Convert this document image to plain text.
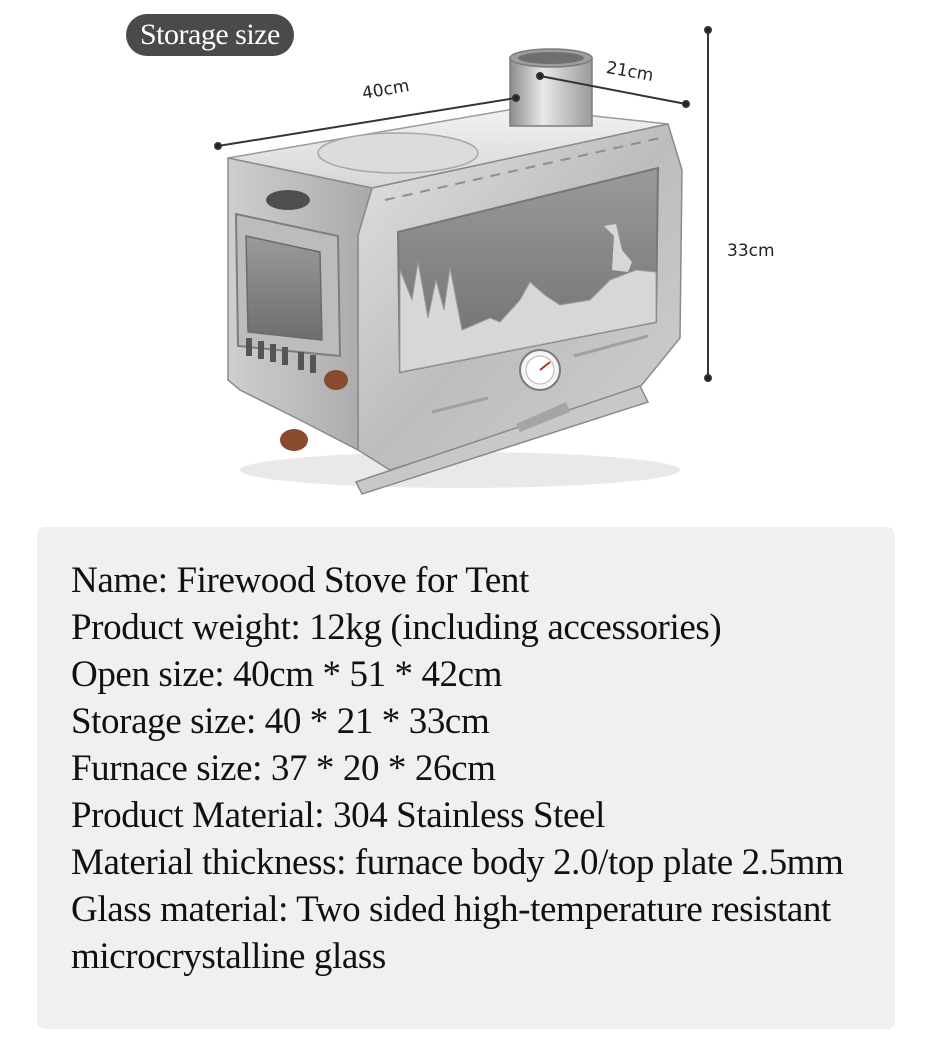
Storage size
40cm
21cm
33cm
Name: Firewood Stove for Tent
Product weight: 12kg (including accessories)
Open size: 40cm * 51 * 42cm
Storage size: 40 * 21 * 33cm
Furnace size: 37 * 20 * 26cm
Product Material: 304 Stainless Steel
Material thickness: furnace body 2.0/top plate 2.5mm
Glass material: Two sided high-temperature resistant
microcrystalline glass
